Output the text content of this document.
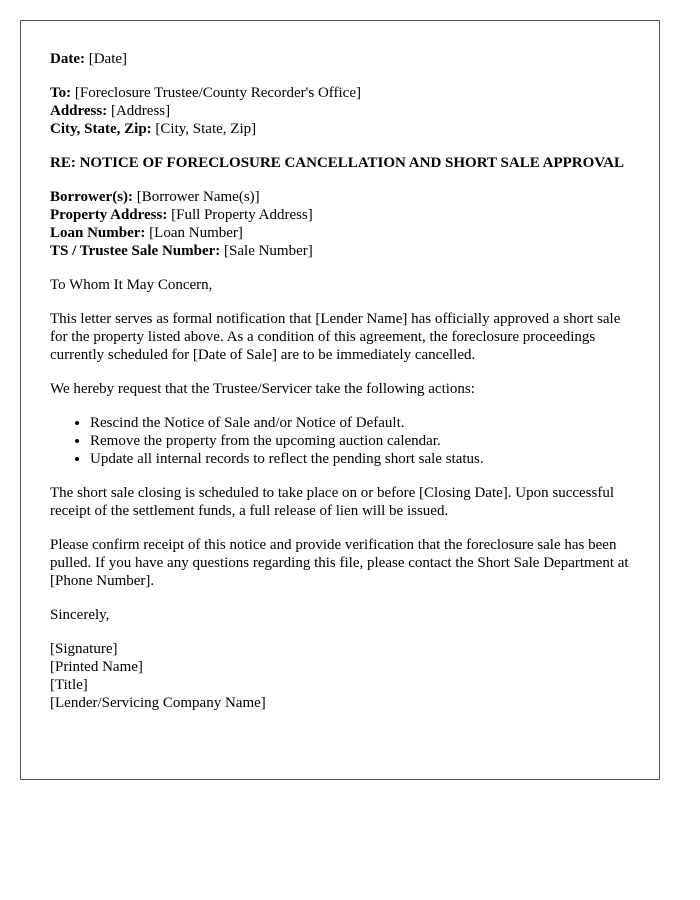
Date: [Date]

To: [Foreclosure Trustee/County Recorder's Office]

Address: [Address]

City, State, Zip: [City, State, Zip]

RE: NOTICE OF FORECLOSURE CANCELLATION AND SHORT SALE APPROVAL

Borrower(s): [Borrower Name(s)]

Property Address: [Full Property Address]

Loan Number: [Loan Number]

TS / Trustee Sale Number: [Sale Number]

To Whom It May Concern,

This letter serves as formal notification that [Lender Name] has officially approved a short sale for the property listed above. As a condition of this agreement, the foreclosure proceedings currently scheduled for [Date of Sale] are to be immediately cancelled.

We hereby request that the Trustee/Servicer take the following actions:

• Rescind the Notice of Sale and/or Notice of Default.
• Remove the property from the upcoming auction calendar.
• Update all internal records to reflect the pending short sale status.

The short sale closing is scheduled to take place on or before [Closing Date]. Upon successful receipt of the settlement funds, a full release of lien will be issued.

Please confirm receipt of this notice and provide verification that the foreclosure sale has been pulled. If you have any questions regarding this file, please contact the Short Sale Department at [Phone Number].

Sincerely,

[Signature]

[Printed Name]

[Title]

[Lender/Servicing Company Name]
